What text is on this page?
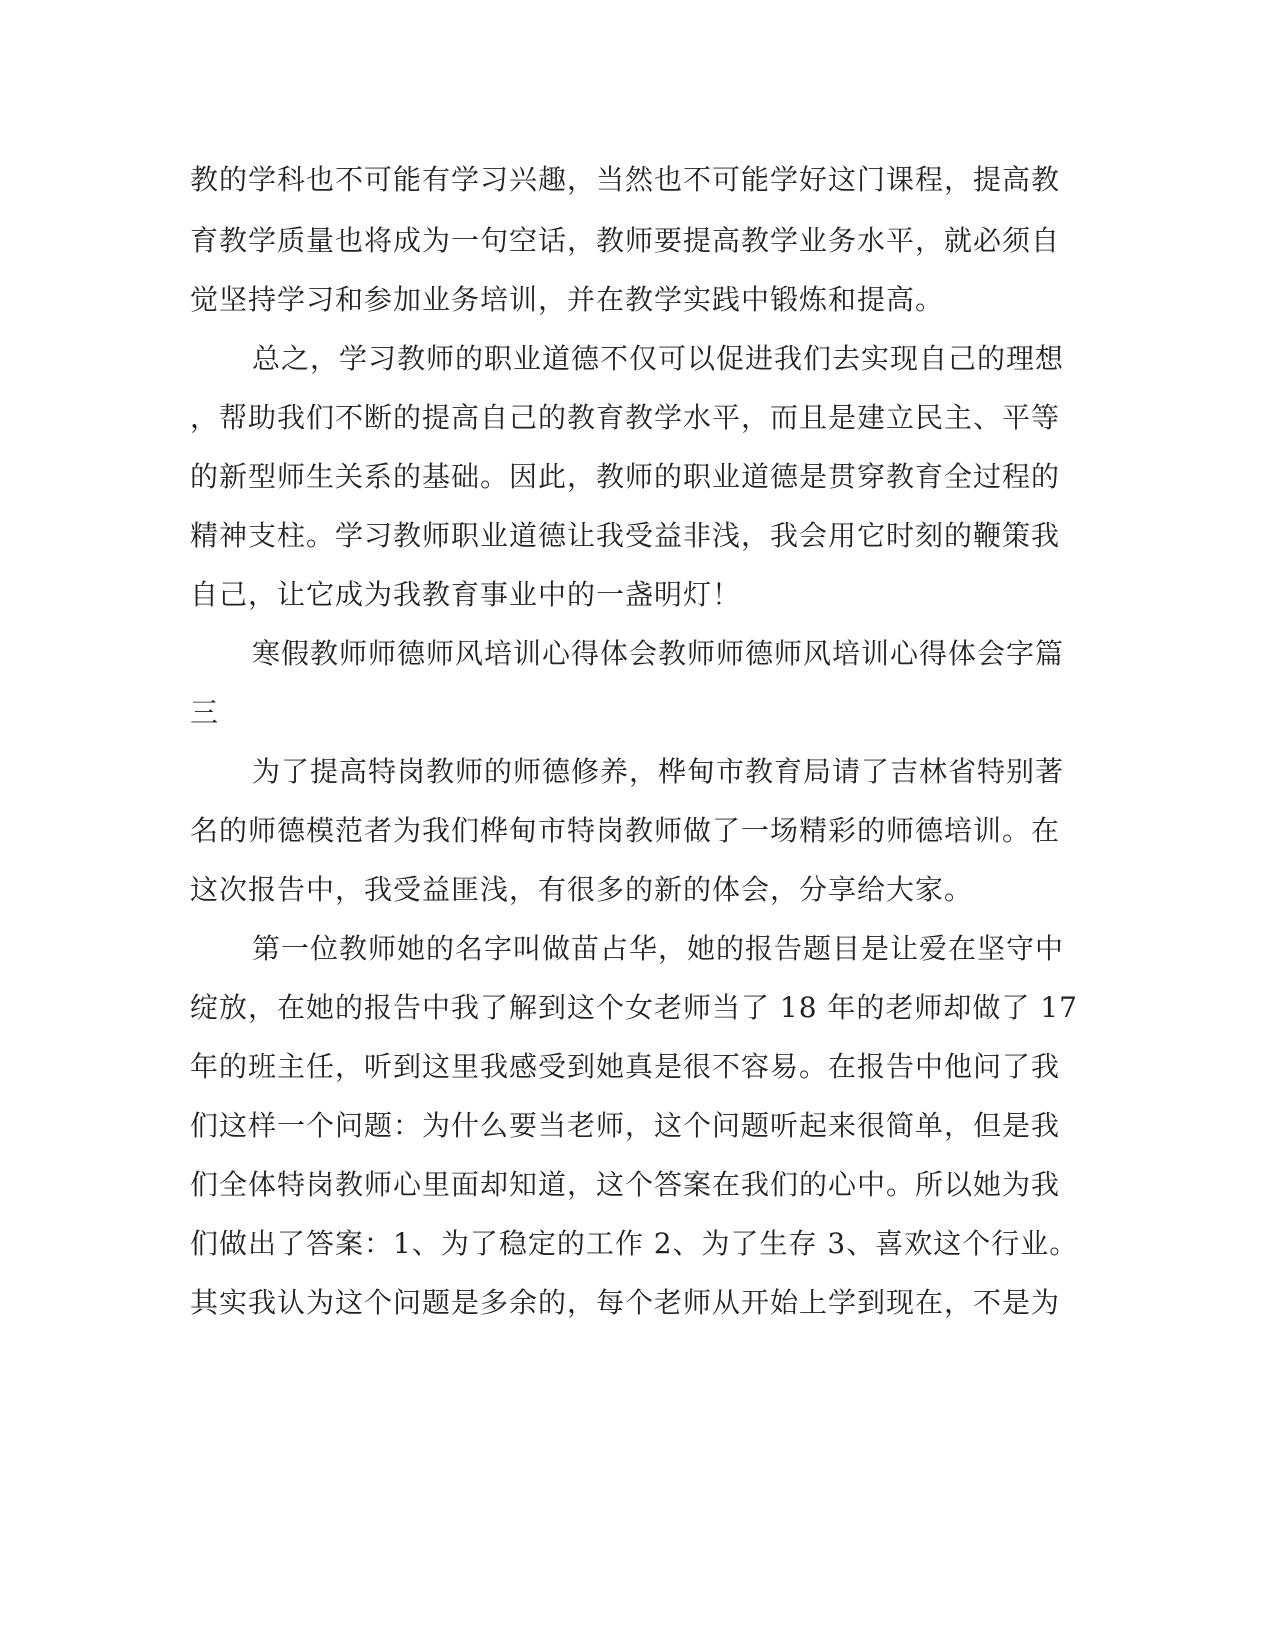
教的学科也不可能有学习兴趣，当然也不可能学好这门课程，提高教
育教学质量也将成为一句空话，教师要提高教学业务水平，就必须自
觉坚持学习和参加业务培训，并在教学实践中锻炼和提高。
总之，学习教师的职业道德不仅可以促进我们去实现自己的理想
，帮助我们不断的提高自己的教育教学水平，而且是建立民主、平等
的新型师生关系的基础。因此，教师的职业道德是贯穿教育全过程的
精神支柱。学习教师职业道德让我受益非浅，我会用它时刻的鞭策我
自己，让它成为我教育事业中的一盏明灯！
寒假教师师德师风培训心得体会教师师德师风培训心得体会字篇
三
为了提高特岗教师的师德修养，桦甸市教育局请了吉林省特别著
名的师德模范者为我们桦甸市特岗教师做了一场精彩的师德培训。在
这次报告中，我受益匪浅，有很多的新的体会，分享给大家。
第一位教师她的名字叫做苗占华，她的报告题目是让爱在坚守中
绽放，在她的报告中我了解到这个女老师当了 18 年的老师却做了 17
年的班主任，听到这里我感受到她真是很不容易。在报告中他问了我
们这样一个问题：为什么要当老师，这个问题听起来很简单，但是我
们全体特岗教师心里面却知道，这个答案在我们的心中。所以她为我
们做出了答案：1、为了稳定的工作 2、为了生存 3、喜欢这个行业。
其实我认为这个问题是多余的，每个老师从开始上学到现在，不是为
